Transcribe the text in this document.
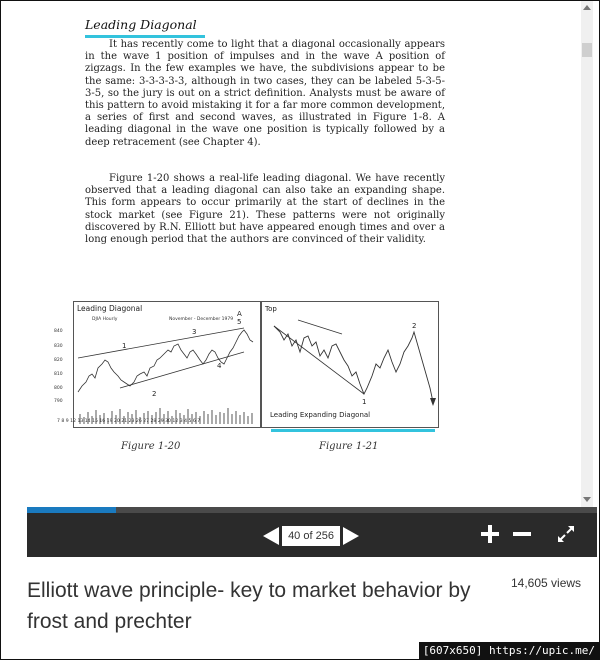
Leading Diagonal

It has recently come to light that a diagonal occasionally appears in the wave 1 position of impulses and in the wave A position of zigzags. In the few examples we have, the subdivisions appear to be the same: 3-3-3-3-3, although in two cases, they can be labeled 5-3-5-3-5, so the jury is out on a strict definition. Analysts must be aware of this pattern to avoid mistaking it for a far more common development, a series of first and second waves, as illustrated in Figure 1-8. A leading diagonal in the wave one position is typically followed by a deep retracement (see Chapter 4).

Figure 1-20 shows a real-life leading diagonal. We have recently observed that a leading diagonal can also take an expanding shape. This form appears to occur primarily at the start of declines in the stock market (see Figure 21). These patterns were not originally discovered by R.N. Elliott but have appeared enough times and over a long enough period that the authors are convinced of their validity.

Leading Diagonal
DJIA Hourly	November - December 1979
840
830
820
810
800
790
1
2
3
4
5
A
7 8 9 12 13 14 15 16 19 20 21 23 26 27 28 29 30 12 3 4 5 6 7
Top
1
2
Leading Expanding Diagonal
Figure 1-20	Figure 1-21
40 of 256
Elliott wave principle- key to market behavior by frost and prechter
14,605 views
[607x650] https://upic.me/
